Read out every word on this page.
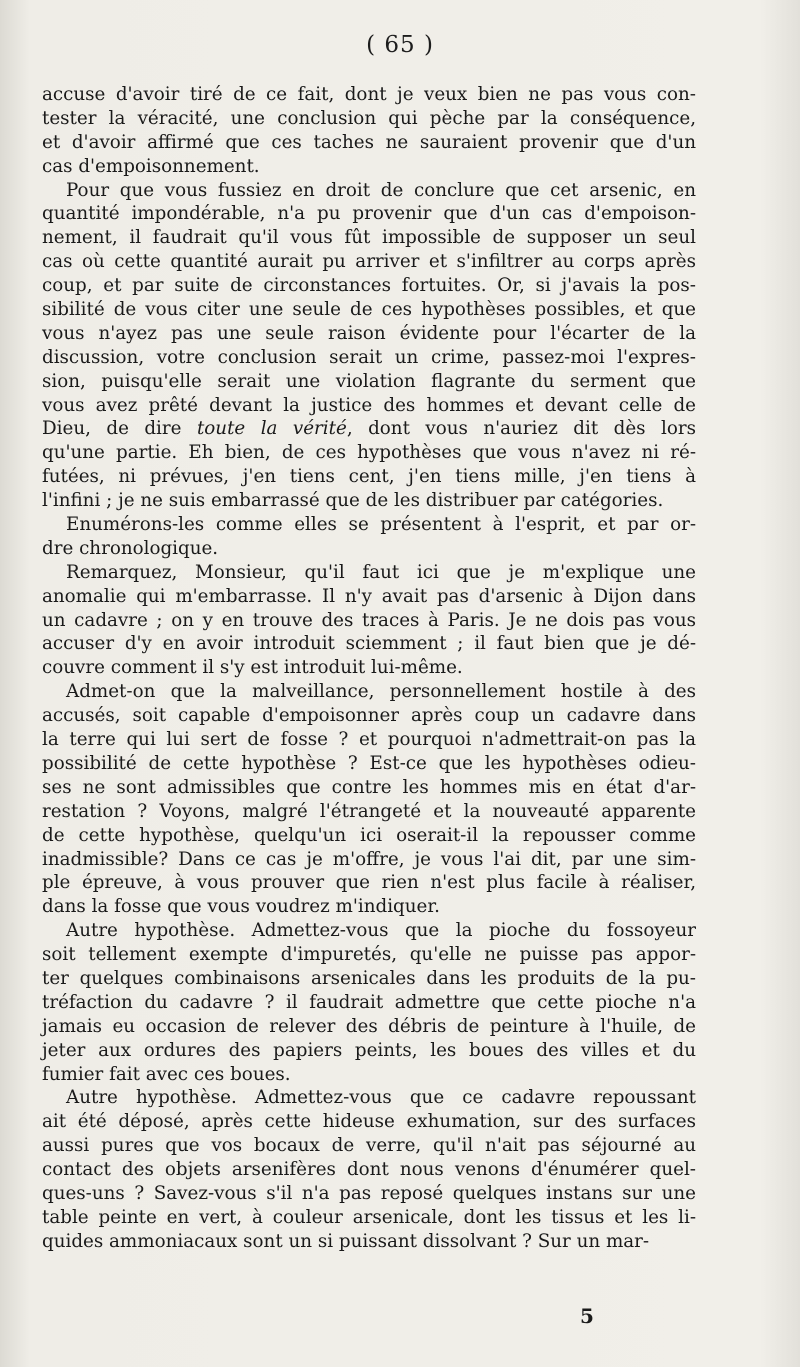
( 65 )
accuse d'avoir tiré de ce fait, dont je veux bien ne pas vous con-
tester la véracité, une conclusion qui pèche par la conséquence,
et d'avoir affirmé que ces taches ne sauraient provenir que d'un
cas d'empoisonnement.
Pour que vous fussiez en droit de conclure que cet arsenic, en
quantité impondérable, n'a pu provenir que d'un cas d'empoison-
nement, il faudrait qu'il vous fût impossible de supposer un seul
cas où cette quantité aurait pu arriver et s'infiltrer au corps après
coup, et par suite de circonstances fortuites. Or, si j'avais la pos-
sibilité de vous citer une seule de ces hypothèses possibles, et que
vous n'ayez pas une seule raison évidente pour l'écarter de la
discussion, votre conclusion serait un crime, passez-moi l'expres-
sion, puisqu'elle serait une violation flagrante du serment que
vous avez prêté devant la justice des hommes et devant celle de
Dieu, de dire toute la vérité, dont vous n'auriez dit dès lors
qu'une partie. Eh bien, de ces hypothèses que vous n'avez ni ré-
futées, ni prévues, j'en tiens cent, j'en tiens mille, j'en tiens à
l'infini ; je ne suis embarrassé que de les distribuer par catégories.
Enumérons-les comme elles se présentent à l'esprit, et par or-
dre chronologique.
Remarquez, Monsieur, qu'il faut ici que je m'explique une
anomalie qui m'embarrasse. Il n'y avait pas d'arsenic à Dijon dans
un cadavre ; on y en trouve des traces à Paris. Je ne dois pas vous
accuser d'y en avoir introduit sciemment ; il faut bien que je dé-
couvre comment il s'y est introduit lui-même.
Admet-on que la malveillance, personnellement hostile à des
accusés, soit capable d'empoisonner après coup un cadavre dans
la terre qui lui sert de fosse ? et pourquoi n'admettrait-on pas la
possibilité de cette hypothèse ? Est-ce que les hypothèses odieu-
ses ne sont admissibles que contre les hommes mis en état d'ar-
restation ? Voyons, malgré l'étrangeté et la nouveauté apparente
de cette hypothèse, quelqu'un ici oserait-il la repousser comme
inadmissible? Dans ce cas je m'offre, je vous l'ai dit, par une sim-
ple épreuve, à vous prouver que rien n'est plus facile à réaliser,
dans la fosse que vous voudrez m'indiquer.
Autre hypothèse. Admettez-vous que la pioche du fossoyeur
soit tellement exempte d'impuretés, qu'elle ne puisse pas appor-
ter quelques combinaisons arsenicales dans les produits de la pu-
tréfaction du cadavre ? il faudrait admettre que cette pioche n'a
jamais eu occasion de relever des débris de peinture à l'huile, de
jeter aux ordures des papiers peints, les boues des villes et du
fumier fait avec ces boues.
Autre hypothèse. Admettez-vous que ce cadavre repoussant
ait été déposé, après cette hideuse exhumation, sur des surfaces
aussi pures que vos bocaux de verre, qu'il n'ait pas séjourné au
contact des objets arsenifères dont nous venons d'énumérer quel-
ques-uns ? Savez-vous s'il n'a pas reposé quelques instans sur une
table peinte en vert, à couleur arsenicale, dont les tissus et les li-
quides ammoniacaux sont un si puissant dissolvant ? Sur un mar-
5
